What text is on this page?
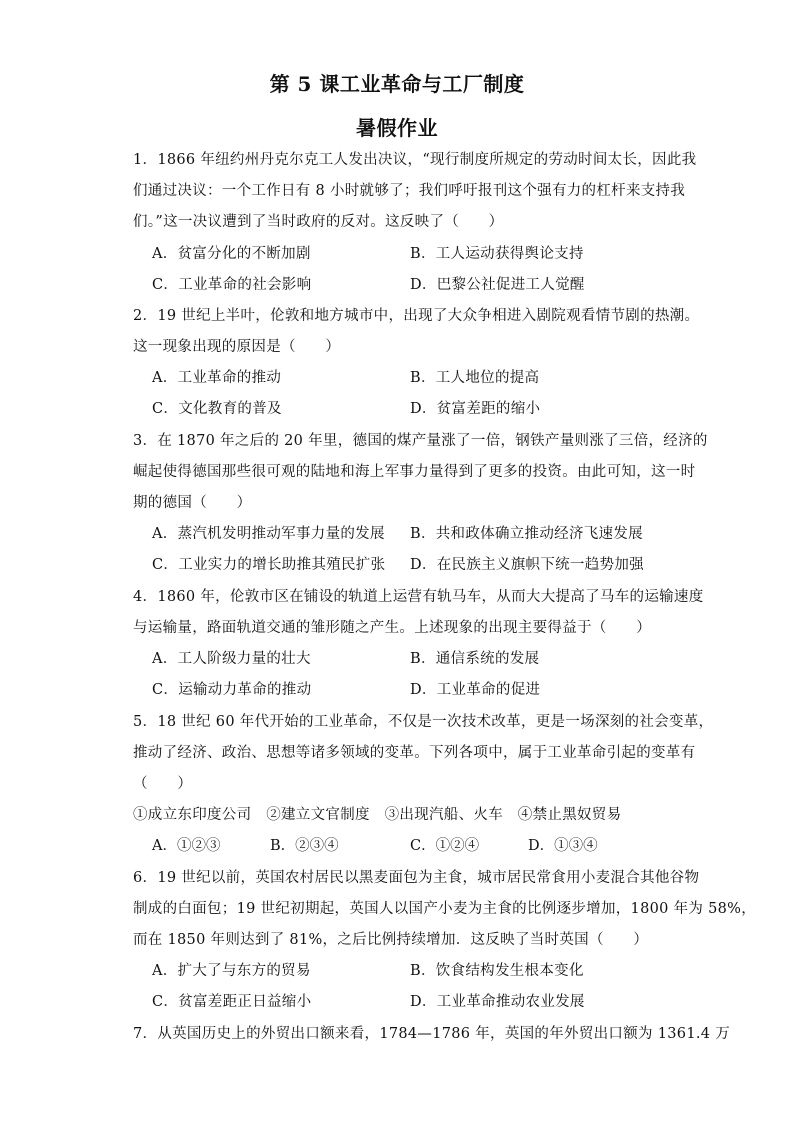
第 5 课工业革命与工厂制度
暑假作业
1．1866 年纽约州丹克尔克工人发出决议，“现行制度所规定的劳动时间太长，因此我
们通过决议：一个工作日有 8 小时就够了；我们呼吁报刊这个强有力的杠杆来支持我
们。”这一决议遭到了当时政府的反对。这反映了（　　）
A．贫富分化的不断加剧	B．工人运动获得舆论支持
C．工业革命的社会影响	D．巴黎公社促进工人觉醒
2．19 世纪上半叶，伦敦和地方城市中，出现了大众争相进入剧院观看情节剧的热潮。
这一现象出现的原因是（　　）
A．工业革命的推动	B．工人地位的提高
C．文化教育的普及	D．贫富差距的缩小
3．在 1870 年之后的 20 年里，德国的煤产量涨了一倍，钢铁产量则涨了三倍，经济的
崛起使得德国那些很可观的陆地和海上军事力量得到了更多的投资。由此可知，这一时
期的德国（　　）
A．蒸汽机发明推动军事力量的发展 B．共和政体确立推动经济飞速发展
C．工业实力的增长助推其殖民扩张 D．在民族主义旗帜下统一趋势加强
4．1860 年，伦敦市区在铺设的轨道上运营有轨马车，从而大大提高了马车的运输速度
与运输量，路面轨道交通的雏形随之产生。上述现象的出现主要得益于（　　）
A．工人阶级力量的壮大	B．通信系统的发展
C．运输动力革命的推动	D．工业革命的促进
5．18 世纪 60 年代开始的工业革命，不仅是一次技术改革，更是一场深刻的社会变革，
推动了经济、政治、思想等诸多领域的变革。下列各项中，属于工业革命引起的变革有
（　　）
①成立东印度公司　②建立文官制度　③出现汽船、火车　④禁止黑奴贸易
A．①②③	B．②③④	C．①②④	D．①③④
6．19 世纪以前，英国农村居民以黑麦面包为主食，城市居民常食用小麦混合其他谷物
制成的白面包；19 世纪初期起，英国人以国产小麦为主食的比例逐步增加，1800 年为 58%，
而在 1850 年则达到了 81%，之后比例持续增加．这反映了当时英国（　　）
A．扩大了与东方的贸易	B．饮食结构发生根本变化
C．贫富差距正日益缩小	D．工业革命推动农业发展
7．从英国历史上的外贸出口额来看，1784—1786 年，英国的年外贸出口额为 1361.4 万
